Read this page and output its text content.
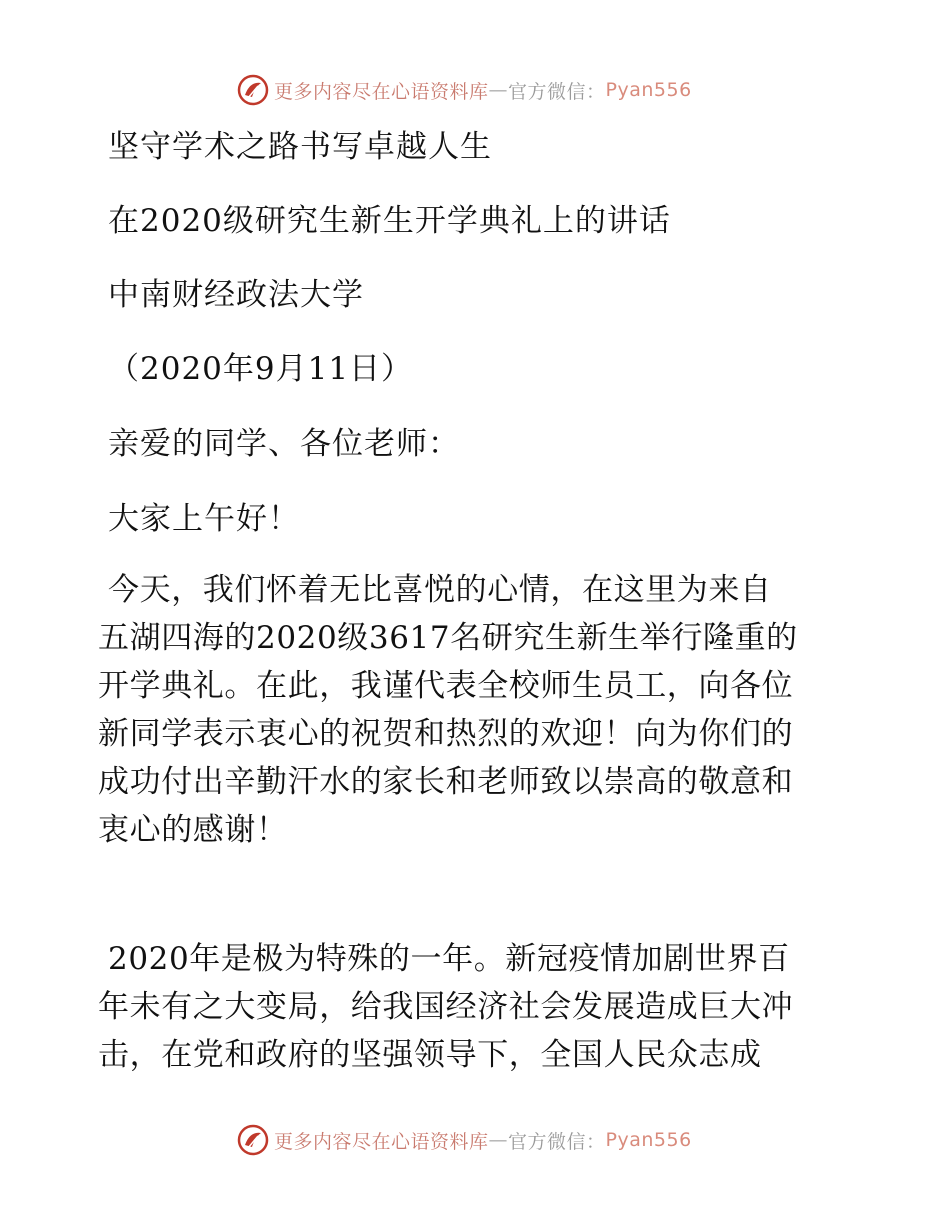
更多内容尽在心语资料库 — 官方微信： Pyan556
坚守学术之路书写卓越人生
在2020级研究生新生开学典礼上的讲话
中南财经政法大学
（2020年9月11日）
亲爱的同学、各位老师：
大家上午好！
今天，我们怀着无比喜悦的心情，在这里为来自
五湖四海的2020级3617名研究生新生举行隆重的
开学典礼。在此，我谨代表全校师生员工，向各位
新同学表示衷心的祝贺和热烈的欢迎！向为你们的
成功付出辛勤汗水的家长和老师致以崇高的敬意和
衷心的感谢！
2020年是极为特殊的一年。新冠疫情加剧世界百
年未有之大变局，给我国经济社会发展造成巨大冲
击，在党和政府的坚强领导下，全国人民众志成
更多内容尽在心语资料库 — 官方微信： Pyan556
